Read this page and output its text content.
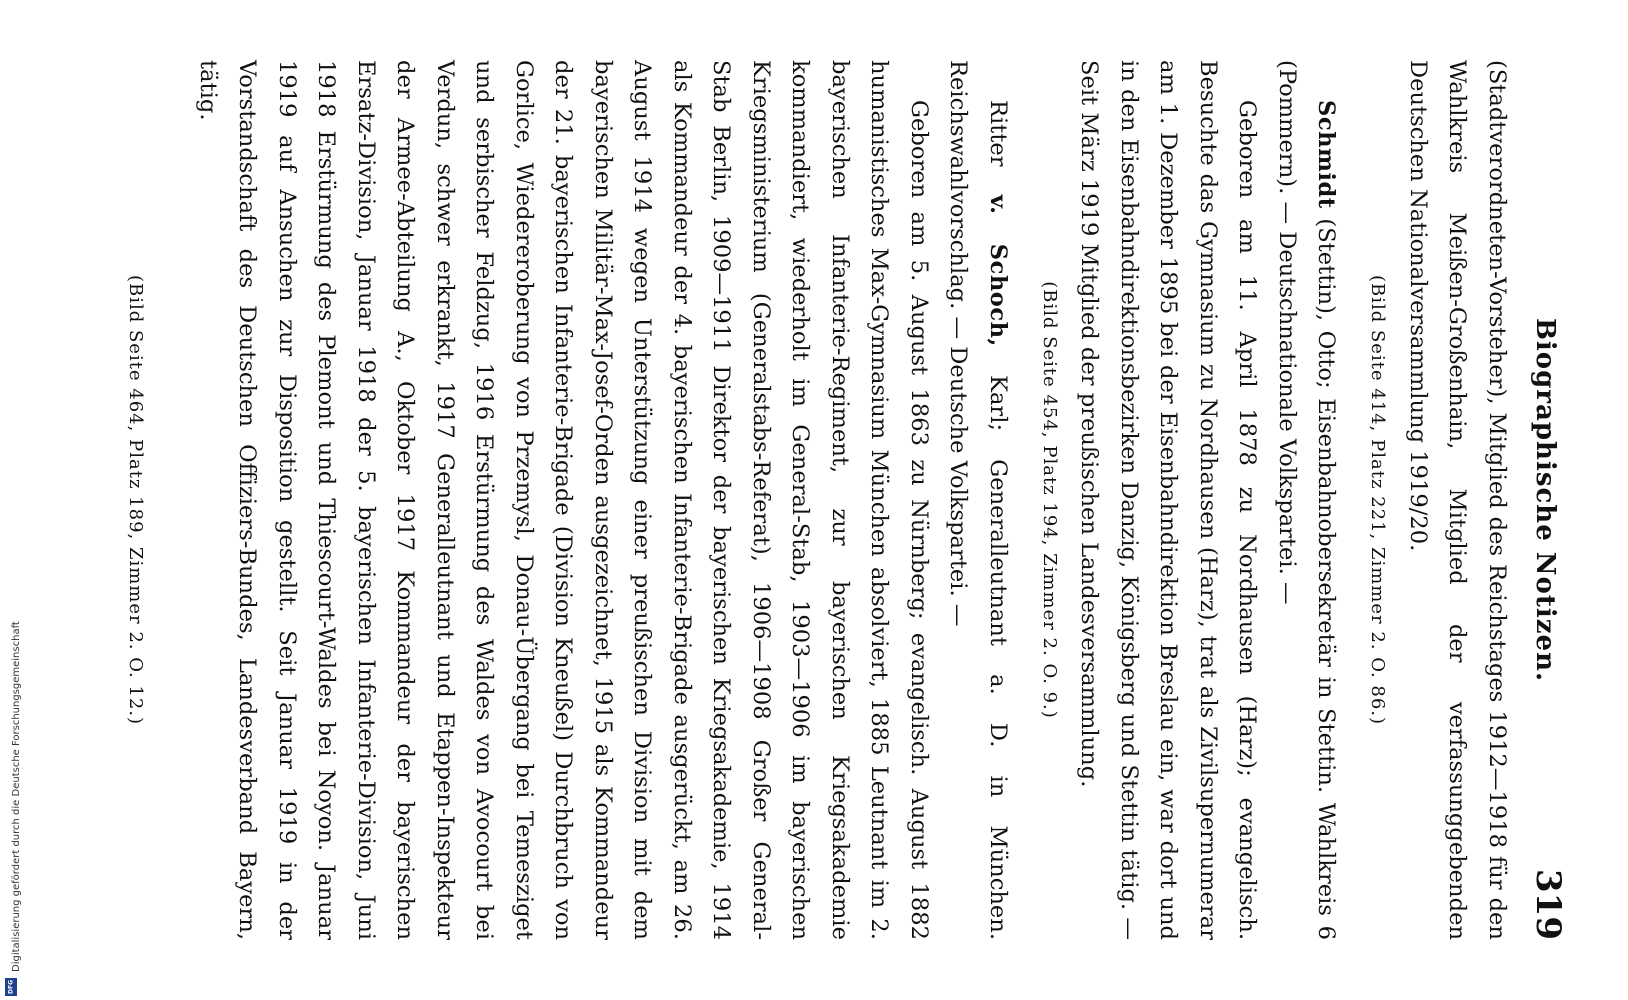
Biographische Notizen.
319

(Stadtverordneten-Vorsteher), Mitglied des Reichstages 1912—1918 für den Wahlkreis Meißen-Großenhain, Mitglied der verfassunggebenden Deutschen Nationalversammlung 1919/20.

(Bild Seite 414, Platz 221, Zimmer 2. O. 86.)

Schmidt (Stettin), Otto; Eisenbahnobersekretär in Stettin. Wahlkreis 6 (Pommern). — Deutschnationale Volkspartei. —

Geboren am 11. April 1878 zu Nordhausen (Harz); evangelisch. Besuchte das Gymnasium zu Nordhausen (Harz), trat als Zivilsupernumerar am 1. Dezember 1895 bei der Eisenbahndirektion Breslau ein, war dort und in den Eisenbahndirektionsbezirken Danzig, Königsberg und Stettin tätig. — Seit März 1919 Mitglied der preußischen Landesversammlung.

(Bild Seite 454, Platz 194, Zimmer 2. O. 9.)

Ritter v. Schoch, Karl; Generalleutnant a. D. in München. Reichswahlvorschlag. — Deutsche Volkspartei. —

Geboren am 5. August 1863 zu Nürnberg; evangelisch. August 1882 humanistisches Max-Gymnasium München absolviert, 1885 Leutnant im 2. bayerischen Infanterie-Regiment, zur bayerischen Kriegsakademie kommandiert, wiederholt im General-Stab, 1903—1906 im bayerischen Kriegsministerium (Generalstabs-Referat), 1906—1908 Großer General-Stab Berlin, 1909—1911 Direktor der bayerischen Kriegsakademie, 1914 als Kommandeur der 4. bayerischen Infanterie-Brigade ausgerückt, am 26. August 1914 wegen Unterstützung einer preußischen Division mit dem bayerischen Militär-Max-Josef-Orden ausgezeichnet, 1915 als Kommandeur der 21. bayerischen Infanterie-Brigade (Division Kneußel) Durchbruch von Gorlice, Wiedereroberung von Przemysl, Donau-Übergang bei Temesziget und serbischer Feldzug, 1916 Erstürmung des Waldes von Avocourt bei Verdun, schwer erkrankt, 1917 Generalleutnant und Etappen-Inspekteur der Armee-Abteilung A., Oktober 1917 Kommandeur der bayerischen Ersatz-Division, Januar 1918 der 5. bayerischen Infanterie-Division, Juni 1918 Erstürmung des Plemont und Thiescourt-Waldes bei Noyon. Januar 1919 auf Ansuchen zur Disposition gestellt. Seit Januar 1919 in der Vorstandschaft des Deutschen Offiziers-Bundes, Landesverband Bayern, tätig.

(Bild Seite 464, Platz 189, Zimmer 2. O. 12.)
Digitalisierung gefördert durch die Deutsche Forschungsgemeinschaft
DFG
